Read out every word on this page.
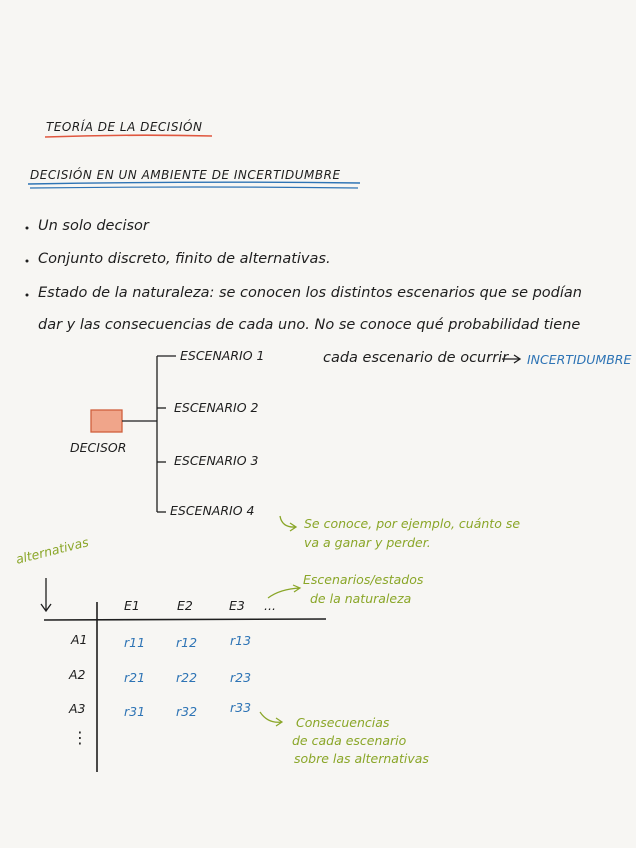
TEORÍA DE LA DECISIÓN
DECISIÓN EN UN AMBIENTE DE INCERTIDUMBRE
Un solo decisor
Conjunto discreto, finito de alternativas.
Estado de la naturaleza: se conocen los distintos escenarios que se podían
dar y las consecuencias de cada uno. No se conoce qué probabilidad tiene
cada escenario de ocurrir INCERTIDUMBRE
DECISOR
ESCENARIO 1
ESCENARIO 2
ESCENARIO 3
ESCENARIO 4
Se conoce, por ejemplo, cuánto se
va a ganar y perder.
alternativas
E1	E2	E3 ...
Escenarios/estados
de la naturaleza
A1	r11 r12	r13
A2	r21 r22	r23
A3	r31 r32	r33
⋮
Consecuencias
de cada escenario
sobre las alternativas
